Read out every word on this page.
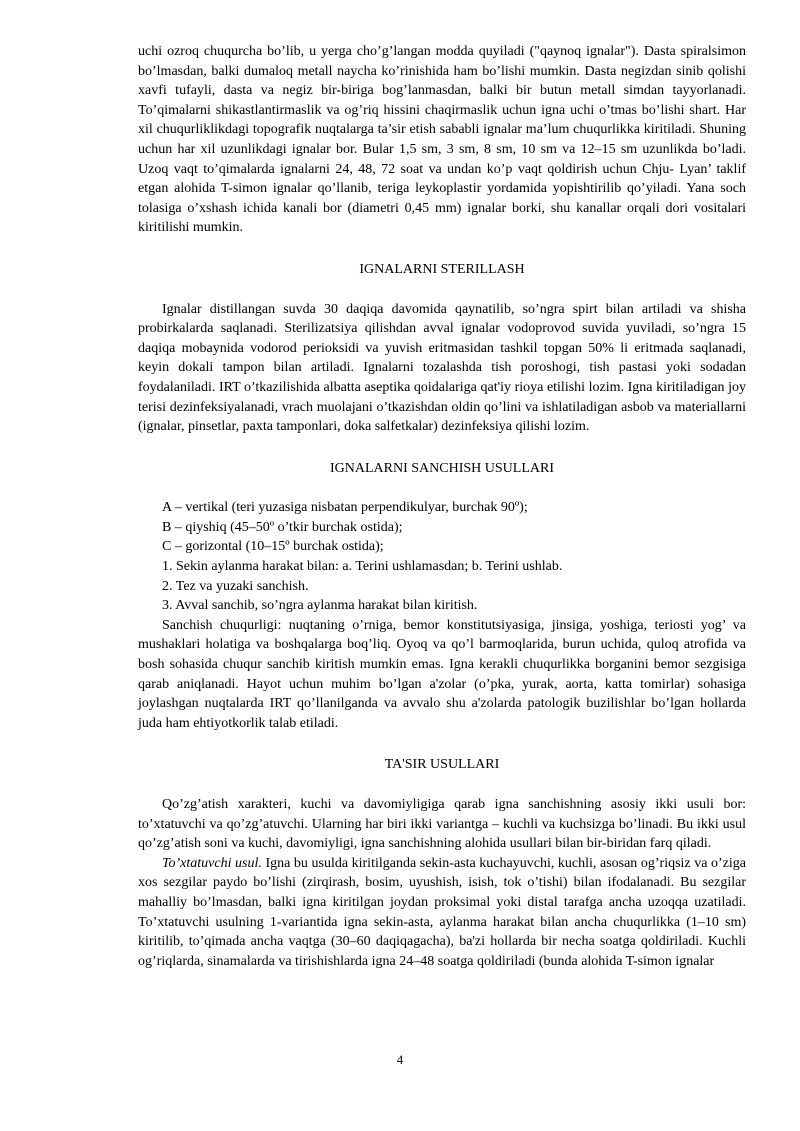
uchi ozroq chuqurcha bo’lib, u yerga cho’g’langan modda quyiladi ("qaynoq ignalar"). Dasta spiralsimon bo’lmasdan, balki dumaloq metall naycha ko’rinishida ham bo’lishi mumkin. Dasta negizdan sinib qolishi xavfi tufayli, dasta va negiz bir-biriga bog’lanmasdan, balki bir butun metall simdan tayyorlanadi. To’qimalarni shikastlantirmaslik va og’riq hissini chaqirmaslik uchun igna uchi o’tmas bo’lishi shart. Har xil chuqurliklikdagi topografik nuqtalarga ta’sir etish sababli ignalar ma’lum chuqurlikka kiritiladi. Shuning uchun har xil uzunlikdagi ignalar bor. Bular 1,5 sm, 3 sm, 8 sm, 10 sm va 12–15 sm uzunlikda bo’ladi. Uzoq vaqt to’qimalarda ignalarni 24, 48, 72 soat va undan ko’p vaqt qoldirish uchun Chju- Lyan’ taklif etgan alohida T-simon ignalar qo’llanib, teriga leykoplastir yordamida yopishtirilib qo’yiladi. Yana soch tolasiga o’xshash ichida kanali bor (diametri 0,45 mm) ignalar borki, shu kanallar orqali dori vositalari kiritilishi mumkin.

IGNALARNI STERILLASH

Ignalar distillangan suvda 30 daqiqa davomida qaynatilib, so’ngra spirt bilan artiladi va shisha probirkalarda saqlanadi. Sterilizatsiya qilishdan avval ignalar vodoprovod suvida yuviladi, so’ngra 15 daqiqa mobaynida vodorod perioksidi va yuvish eritmasidan tashkil topgan 50% li eritmada saqlanadi, keyin dokali tampon bilan artiladi. Ignalarni tozalashda tish poroshogi, tish pastasi yoki sodadan foydalaniladi. IRT o’tkazilishida albatta aseptika qoidalariga qat'iy rioya etilishi lozim. Igna kiritiladigan joy terisi dezinfeksiyalanadi, vrach muolajani o’tkazishdan oldin qo’lini va ishlatiladigan asbob va materiallarni (ignalar, pinsetlar, paxta tamponlari, doka salfetkalar) dezinfeksiya qilishi lozim.

IGNALARNI SANCHISH USULLARI

A – vertikal (teri yuzasiga nisbatan perpendikulyar, burchak 90º);

B – qiyshiq (45–50º o’tkir burchak ostida);

C – gorizontal (10–15º burchak ostida);

1. Sekin aylanma harakat bilan: a. Terini ushlamasdan; b. Terini ushlab.

2. Tez va yuzaki sanchish.

3. Avval sanchib, so’ngra aylanma harakat bilan kiritish.

Sanchish chuqurligi: nuqtaning o’rniga, bemor konstitutsiyasiga, jinsiga, yoshiga, teriosti yog’ va mushaklari holatiga va boshqalarga boq’liq. Oyoq va qo’l barmoqlarida, burun uchida, quloq atrofida va bosh sohasida chuqur sanchib kiritish mumkin emas. Igna kerakli chuqurlikka borganini bemor sezgisiga qarab aniqlanadi. Hayot uchun muhim bo’lgan a'zolar (o’pka, yurak, aorta, katta tomirlar) sohasiga joylashgan nuqtalarda IRT qo’llanilganda va avvalo shu a'zolarda patologik buzilishlar bo’lgan hollarda juda ham ehtiyotkorlik talab etiladi.

TA'SIR USULLARI

Qo’zg’atish xarakteri, kuchi va davomiyligiga qarab igna sanchishning asosiy ikki usuli bor: to’xtatuvchi va qo’zg’atuvchi. Ularning har biri ikki variantga – kuchli va kuchsizga bo’linadi. Bu ikki usul qo’zg’atish soni va kuchi, davomiyligi, igna sanchishning alohida usullari bilan bir-biridan farq qiladi.

To’xtatuvchi usul. Igna bu usulda kiritilganda sekin-asta kuchayuvchi, kuchli, asosan og’riqsiz va o’ziga xos sezgilar paydo bo’lishi (zirqirash, bosim, uyushish, isish, tok o’tishi) bilan ifodalanadi. Bu sezgilar mahalliy bo’lmasdan, balki igna kiritilgan joydan proksimal yoki distal tarafga ancha uzoqqa uzatiladi. To’xtatuvchi usulning 1-variantida igna sekin-asta, aylanma harakat bilan ancha chuqurlikka (1–10 sm) kiritilib, to’qimada ancha vaqtga (30–60 daqiqagacha), ba'zi hollarda bir necha soatga qoldiriladi. Kuchli og’riqlarda, sinamalarda va tirishishlarda igna 24–48 soatga qoldiriladi (bunda alohida T-simon ignalar

4
